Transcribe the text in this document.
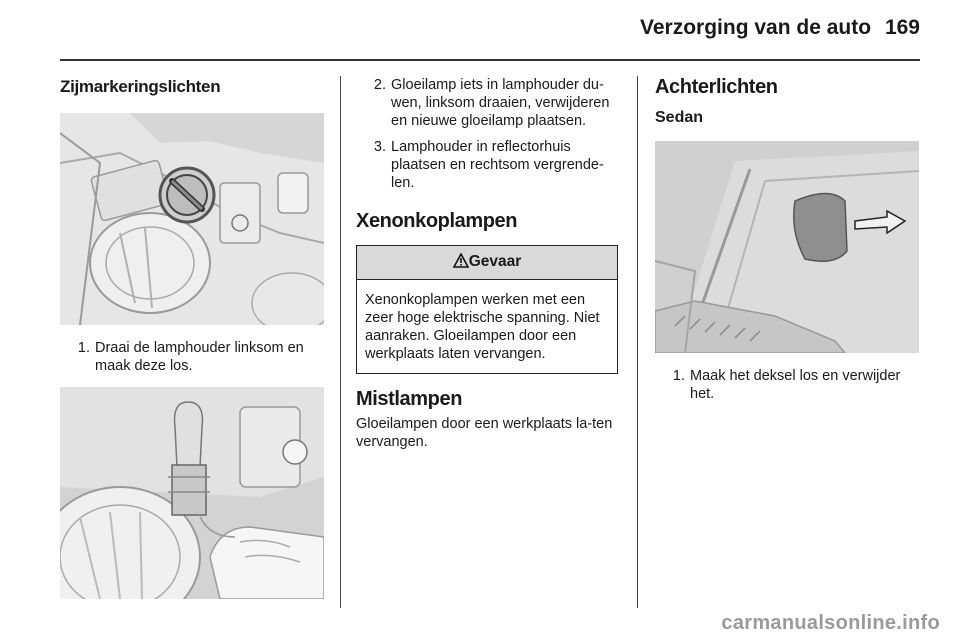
Verzorging van de auto 169
Zijmarkeringslichten
1. Draai de lamphouder linksom en maak deze los.
2. Gloeilamp iets in lamphouder du-wen, linksom draaien, verwijderen en nieuwe gloeilamp plaatsen.
3. Lamphouder in reflectorhuis plaatsen en rechtsom vergrende-len.
Xenonkoplampen
Gevaar
Xenonkoplampen werken met een zeer hoge elektrische spanning. Niet aanraken. Gloeilampen door een werkplaats laten vervangen.
Mistlampen
Gloeilampen door een werkplaats la-ten vervangen.
Achterlichten
Sedan
1. Maak het deksel los en verwijder het.
carmanualsonline.info
